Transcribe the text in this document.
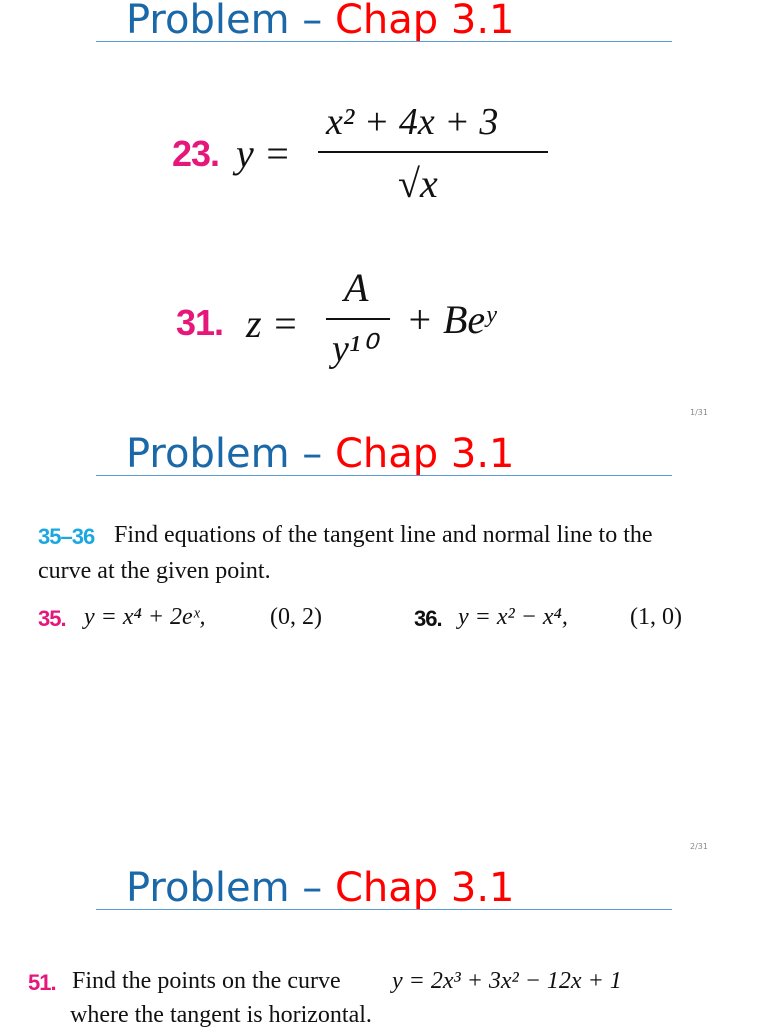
Problem – Chap 3.1
23. y =
x² + 4x + 3
√x
31. z =
A
y¹⁰
+ Beʸ
1/31
Problem – Chap 3.1
35–36 Find equations of the tangent line and normal line to the
curve at the given point.
35. y = x⁴ + 2eˣ,	(0, 2)	36. y = x² − x⁴,	(1, 0)
2/31
Problem – Chap 3.1
51. Find the points on the curve y = 2x³ + 3x² − 12x + 1
where the tangent is horizontal.
